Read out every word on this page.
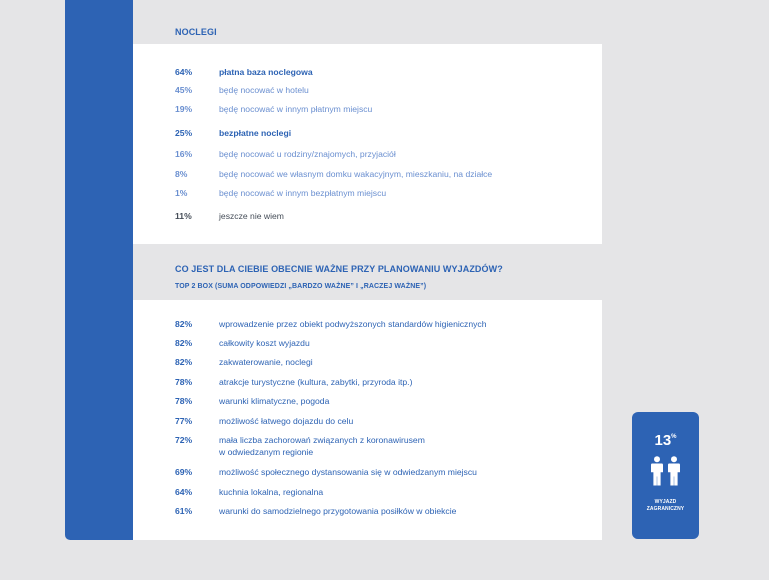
NOCLEGI
64%	płatna baza noclegowa
45%	będę nocować w hotelu
19%	będę nocować w innym płatnym miejscu
25%	bezpłatne noclegi
16%	będę nocować u rodziny/znajomych, przyjaciół
8%	będę nocować we własnym domku wakacyjnym, mieszkaniu, na działce
1%	będę nocować w innym bezpłatnym miejscu
11%	jeszcze nie wiem
CO JEST DLA CIEBIE OBECNIE WAŻNE PRZY PLANOWANIU WYJAZDÓW?
TOP 2 BOX (SUMA ODPOWIEDZI „BARDZO WAŻNE” I „RACZEJ WAŻNE”)
82%	wprowadzenie przez obiekt podwyższonych standardów higienicznych
82%	całkowity koszt wyjazdu
82%	zakwaterowanie, noclegi
78%	atrakcje turystyczne (kultura, zabytki, przyroda itp.)
78%	warunki klimatyczne, pogoda
77%	możliwość łatwego dojazdu do celu
72%	mała liczba zachorowań związanych z koronawirusem
w odwiedzanym regionie
69%	możliwość społecznego dystansowania się w odwiedzanym miejscu
64%	kuchnia lokalna, regionalna
61%	warunki do samodzielnego przygotowania posiłków w obiekcie
13%
WYJAZD
ZAGRANICZNY
